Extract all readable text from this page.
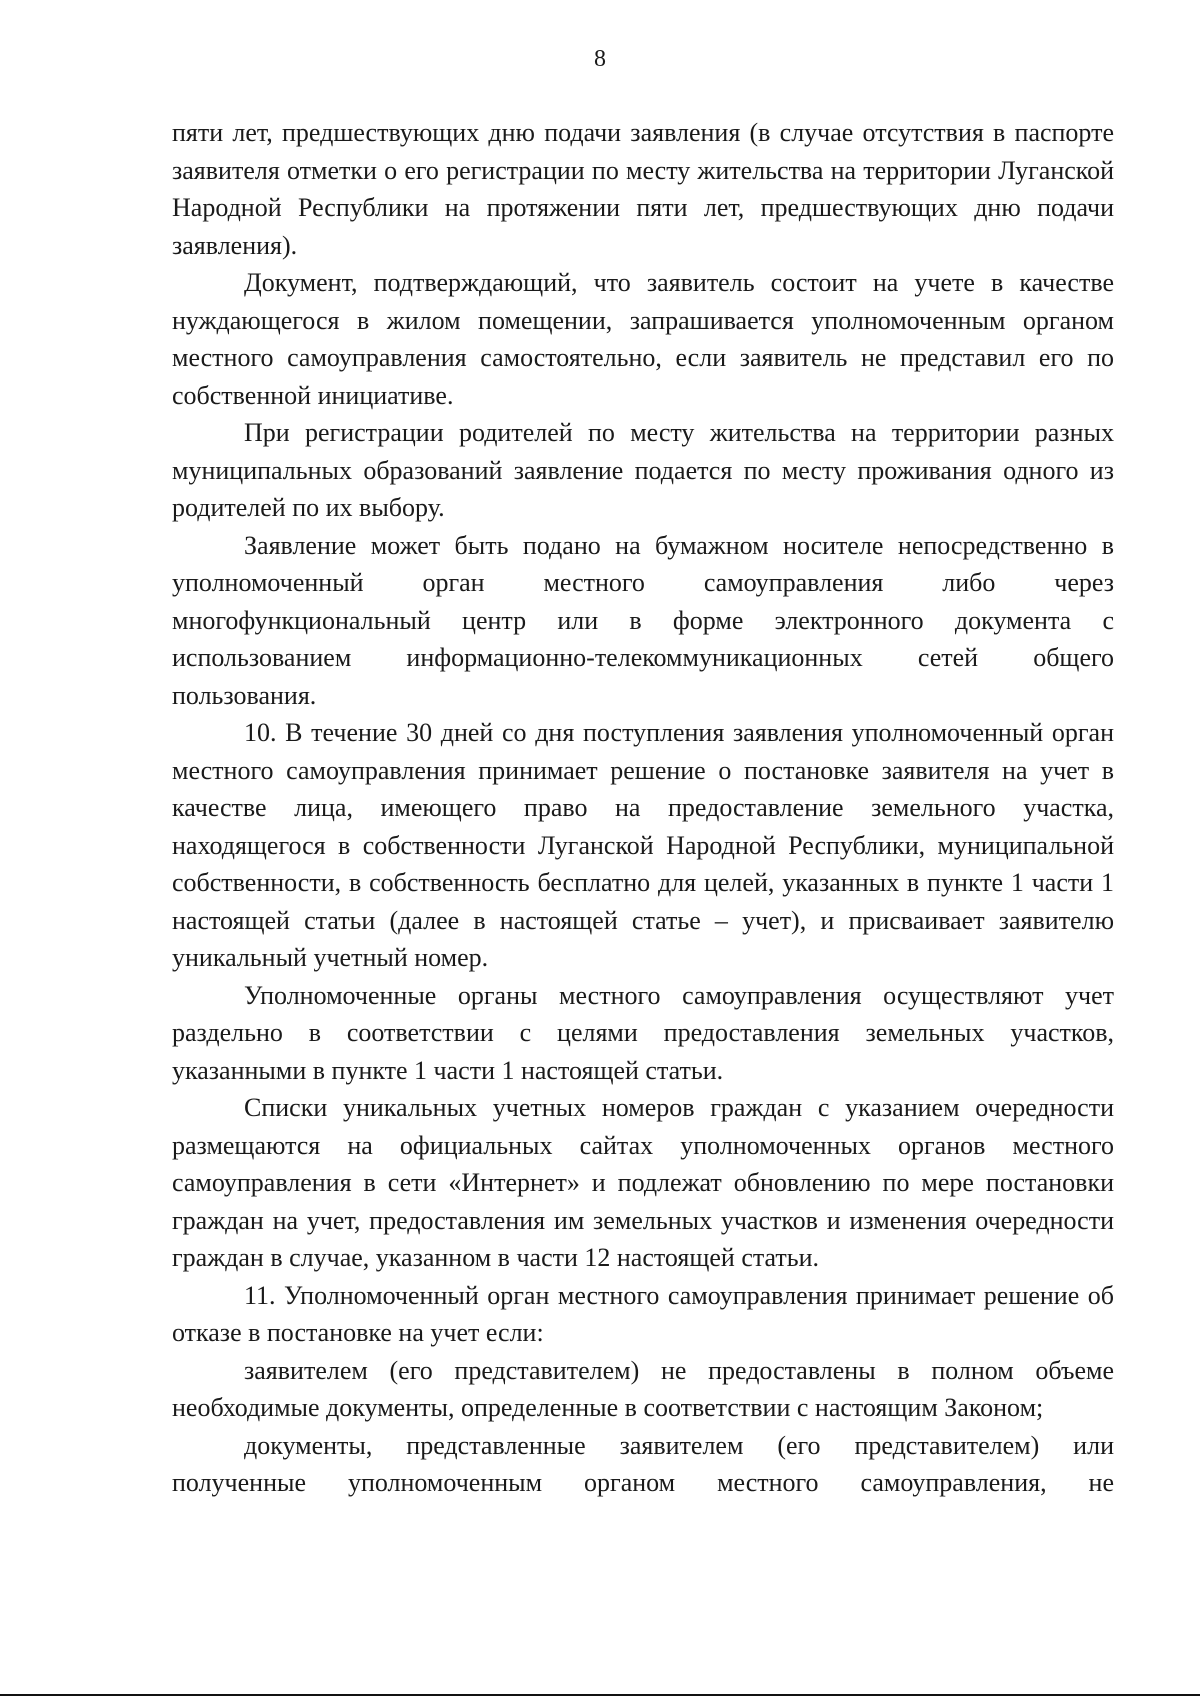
8

пяти лет, предшествующих дню подачи заявления (в случае отсутствия в паспорте заявителя отметки о его регистрации по месту жительства на территории Луганской Народной Республики на протяжении пяти лет, предшествующих дню подачи заявления).

Документ, подтверждающий, что заявитель состоит на учете в качестве нуждающегося в жилом помещении, запрашивается уполномоченным органом местного самоуправления самостоятельно, если заявитель не представил его по собственной инициативе.

При регистрации родителей по месту жительства на территории разных муниципальных образований заявление подается по месту проживания одного из родителей по их выбору.

Заявление может быть подано на бумажном носителе непосредственно в уполномоченный орган местного самоуправления либо через многофункциональный центр или в форме электронного документа с использованием информационно-телекоммуникационных сетей общего пользования.

10. В течение 30 дней со дня поступления заявления уполномоченный орган местного самоуправления принимает решение о постановке заявителя на учет в качестве лица, имеющего право на предоставление земельного участка, находящегося в собственности Луганской Народной Республики, муниципальной собственности, в собственность бесплатно для целей, указанных в пункте 1 части 1 настоящей статьи (далее в настоящей статье – учет), и присваивает заявителю уникальный учетный номер.

Уполномоченные органы местного самоуправления осуществляют учет раздельно в соответствии с целями предоставления земельных участков, указанными в пункте 1 части 1 настоящей статьи.

Списки уникальных учетных номеров граждан с указанием очередности размещаются на официальных сайтах уполномоченных органов местного самоуправления в сети «Интернет» и подлежат обновлению по мере постановки граждан на учет, предоставления им земельных участков и изменения очередности граждан в случае, указанном в части 12 настоящей статьи.

11. Уполномоченный орган местного самоуправления принимает решение об отказе в постановке на учет если:

заявителем (его представителем) не предоставлены в полном объеме необходимые документы, определенные в соответствии с настоящим Законом;

документы, представленные заявителем (его представителем) или полученные уполномоченным органом местного самоуправления, не
